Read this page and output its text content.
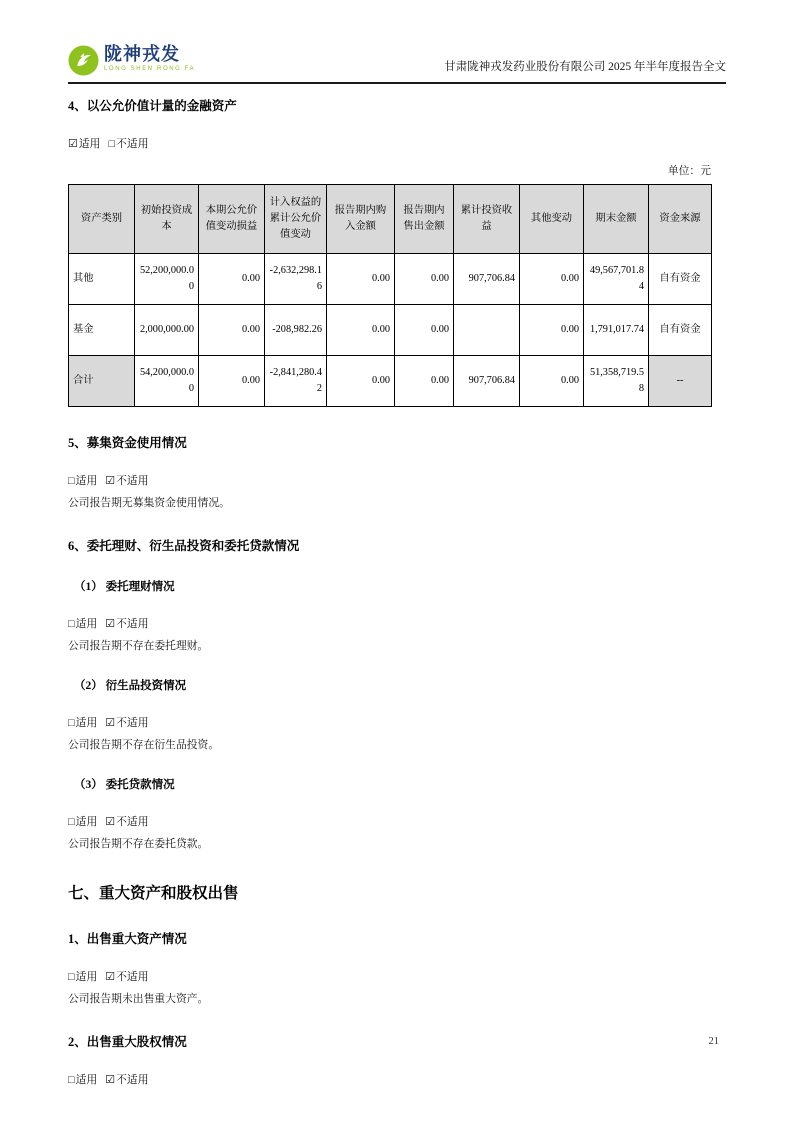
陇神戎发
LONG SHEN RONG FA	甘肃陇神戎发药业股份有限公司 2025 年半年度报告全文
4、以公允价值计量的金融资产
☑适用 □不适用
单位：元
资产类别	初始投资成本	本期公允价值变动损益	计入权益的累计公允价值变动	报告期内购入金额	报告期内售出金额	累计投资收益	其他变动	期末金额	资金来源
其他	52,200,000.00	0.00	-2,632,298.16	0.00	0.00	907,706.84	0.00	49,567,701.84	自有资金
基金	2,000,000.00	0.00	-208,982.26	0.00	0.00		0.00	1,791,017.74	自有资金
合计	54,200,000.00	0.00	-2,841,280.42	0.00	0.00	907,706.84	0.00	51,358,719.58	--
5、募集资金使用情况
□适用 ☑不适用
公司报告期无募集资金使用情况。
6、委托理财、衍生品投资和委托贷款情况
（1） 委托理财情况
□适用 ☑不适用
公司报告期不存在委托理财。
（2） 衍生品投资情况
□适用 ☑不适用
公司报告期不存在衍生品投资。
（3） 委托贷款情况
□适用 ☑不适用
公司报告期不存在委托贷款。
七、重大资产和股权出售
1、出售重大资产情况
□适用 ☑不适用
公司报告期未出售重大资产。
2、出售重大股权情况
□适用 ☑不适用
21
